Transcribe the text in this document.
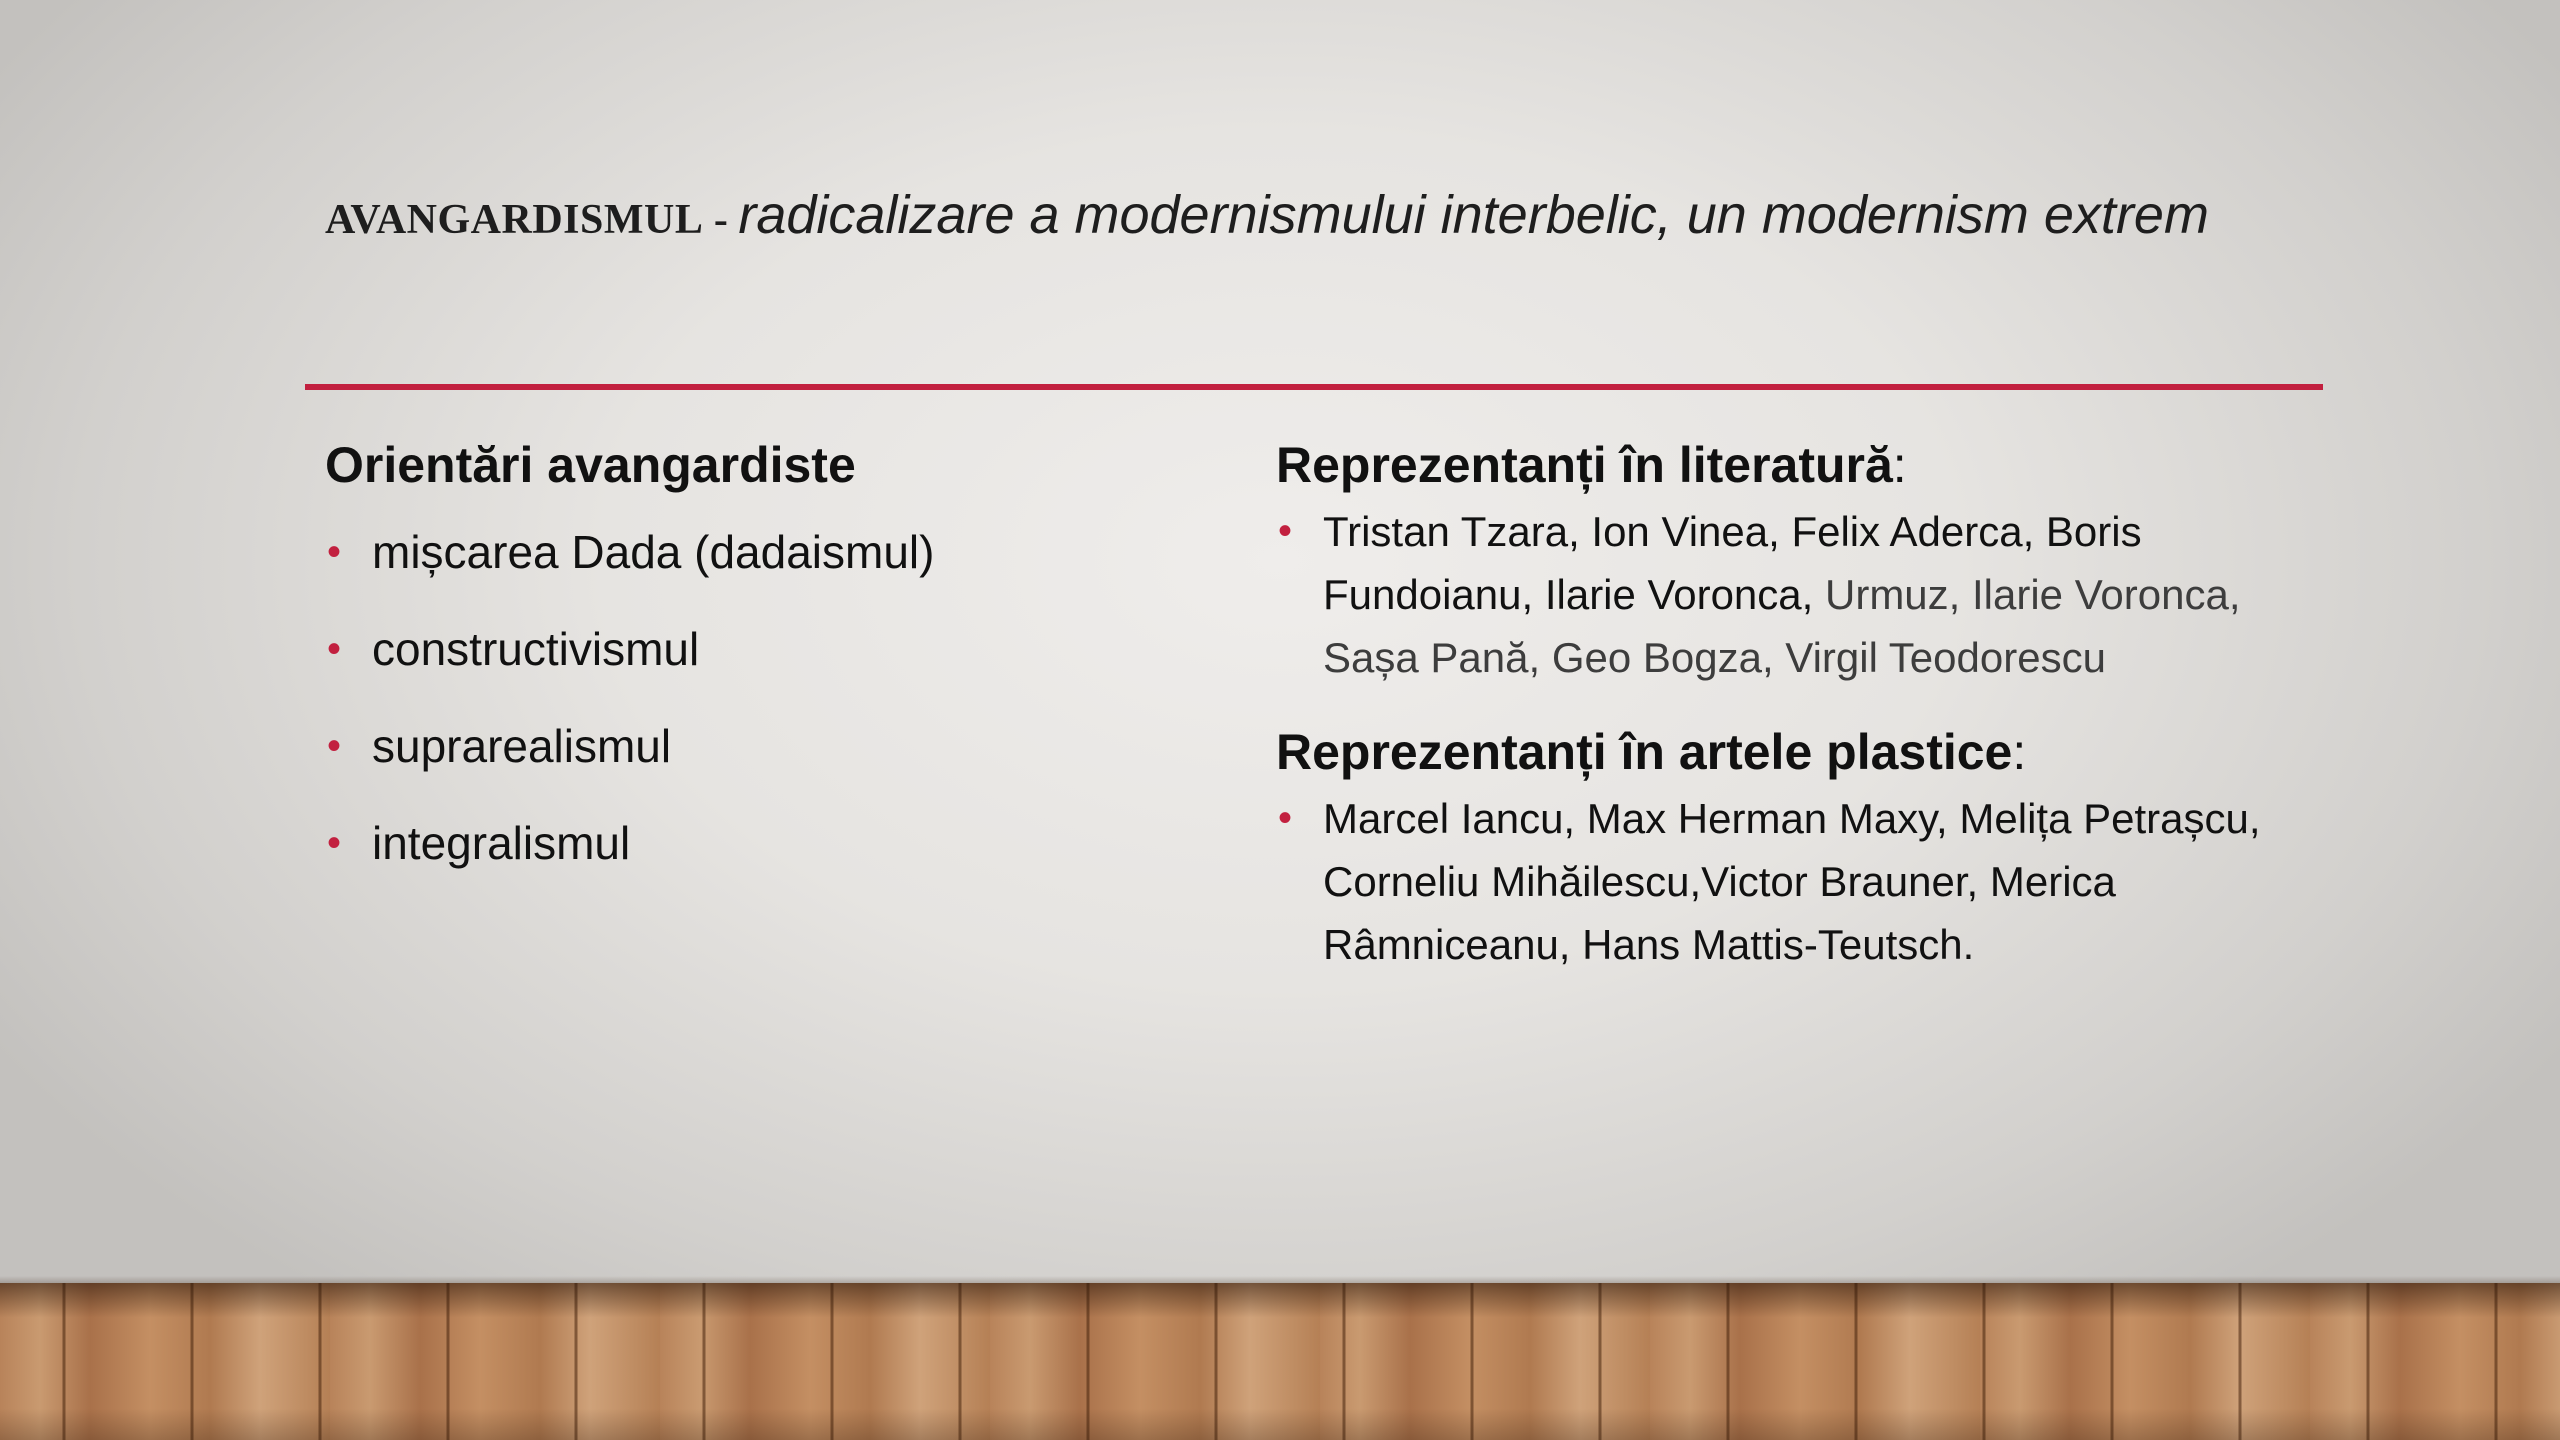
AVANGARDISMUL - radicalizare a modernismului interbelic, un modernism extrem
Orientări avangardiste
• mișcarea Dada (dadaismul)
• constructivismul
• suprarealismul
• integralismul
Reprezentanți în literatură:
• Tristan Tzara, Ion Vinea, Felix Aderca, Boris Fundoianu, Ilarie Voronca, Urmuz, Ilarie Voronca, Sașa Pană, Geo Bogza, Virgil Teodorescu
Reprezentanți în artele plastice:
• Marcel Iancu, Max Herman Maxy, Melița Petrașcu, Corneliu Mihăilescu,Victor Brauner, Merica Râmniceanu, Hans Mattis-Teutsch.
